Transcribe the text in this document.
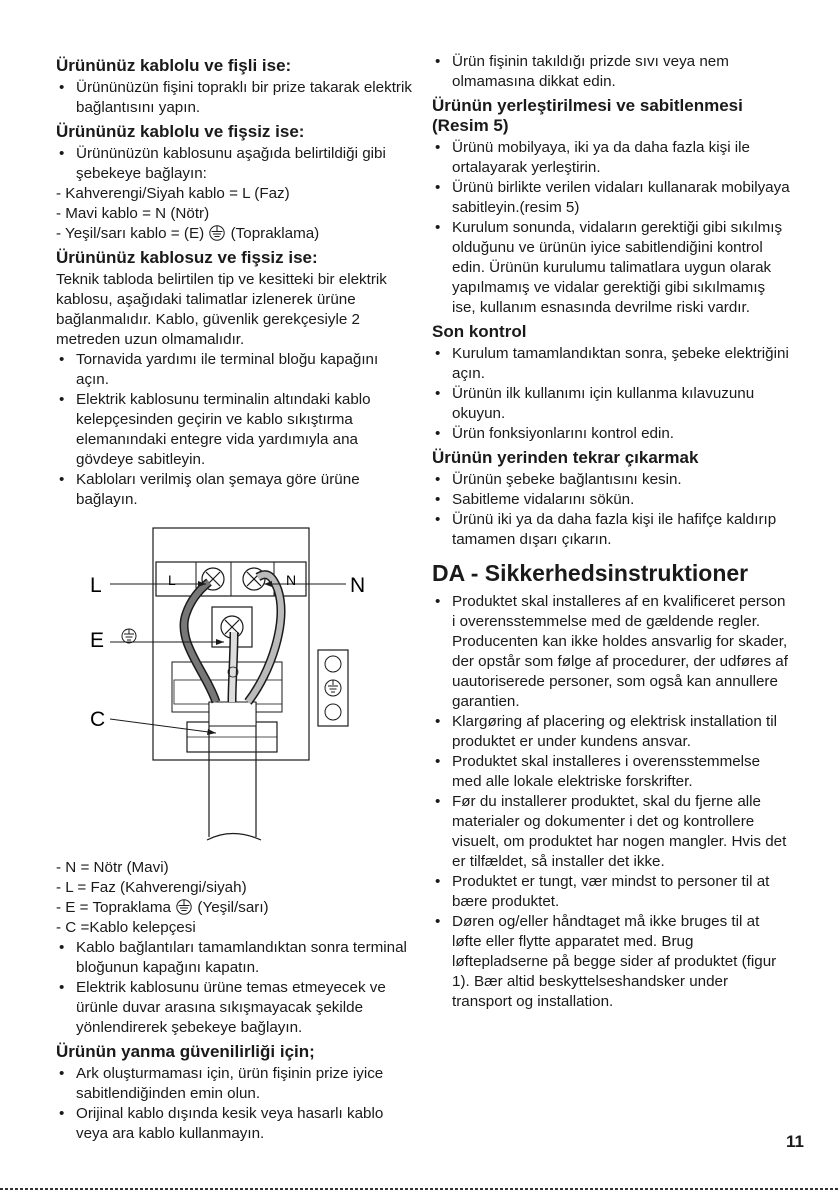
Ürününüz kablolu ve fişli ise:
• Ürününüzün fişini topraklı bir prize takarak elektrik bağlantısını yapın.
Ürününüz kablolu ve fişsiz ise:
• Ürününüzün kablosunu aşağıda belirtildiği gibi şebekeye bağlayın:
- Kahverengi/Siyah kablo = L (Faz)
- Mavi kablo = N (Nötr)
- Yeşil/sarı kablo = (E) (Topraklama)
Ürününüz kablosuz ve fişsiz ise:

Teknik tabloda belirtilen tip ve kesitteki bir elektrik kablosu, aşağıdaki talimatlar izlenerek ürüne bağlanmalıdır. Kablo, güvenlik gerekçesiyle 2 metreden uzun olmamalıdır.

• Tornavida yardımı ile terminal bloğu kapağını açın.
• Elektrik kablosunu terminalin altındaki kablo kelepçesinden geçirin ve kablo sıkıştırma elemanındaki entegre vida yardımıyla ana gövdeye sabitleyin.
• Kabloları verilmiş olan şemaya göre ürüne bağlayın.
L	N
E
C
L	N
- N = Nötr (Mavi)
- L = Faz (Kahverengi/siyah)
- E = Topraklama (Yeşil/sarı)
- C =Kablo kelepçesi
• Kablo bağlantıları tamamlandıktan sonra terminal bloğunun kapağını kapatın.
• Elektrik kablosunu ürüne temas etmeyecek ve ürünle duvar arasına sıkışmayacak şekilde yönlendirerek şebekeye bağlayın.
Ürünün yanma güvenilirliği için;
• Ark oluşturmaması için, ürün fişinin prize iyice sabitlendiğinden emin olun.
• Orijinal kablo dışında kesik veya hasarlı kablo veya ara kablo kullanmayın.
• Ürün fişinin takıldığı prizde sıvı veya nem olmamasına dikkat edin.
Ürünün yerleştirilmesi ve sabitlenmesi (Resim 5)
• Ürünü mobilyaya, iki ya da daha fazla kişi ile ortalayarak yerleştirin.
• Ürünü birlikte verilen vidaları kullanarak mobilyaya sabitleyin.(resim 5)
• Kurulum sonunda, vidaların gerektiği gibi sıkılmış olduğunu ve ürünün iyice sabitlendiğini kontrol edin. Ürünün kurulumu talimatlara uygun olarak yapılmamış ve vidalar gerektiği gibi sıkılmamış ise, kullanım esnasında devrilme riski vardır.
Son kontrol
• Kurulum tamamlandıktan sonra, şebeke elektriğini açın.
• Ürünün ilk kullanımı için kullanma kılavuzunu okuyun.
• Ürün fonksiyonlarını kontrol edin.
Ürünün yerinden tekrar çıkarmak
• Ürünün şebeke bağlantısını kesin.
• Sabitleme vidalarını sökün.
• Ürünü iki ya da daha fazla kişi ile hafifçe kaldırıp tamamen dışarı çıkarın.
DA - Sikkerhedsinstruktioner
• Produktet skal installeres af en kvalificeret person i overensstemmelse med de gældende regler. Producenten kan ikke holdes ansvarlig for skader, der opstår som følge af procedurer, der udføres af uautoriserede personer, som også kan annullere garantien.
• Klargøring af placering og elektrisk installation til produktet er under kundens ansvar.
• Produktet skal installeres i overensstemmelse med alle lokale elektriske forskrifter.
• Før du installerer produktet, skal du fjerne alle materialer og dokumenter i det og kontrollere visuelt, om produktet har nogen mangler. Hvis det er tilfældet, så installer det ikke.
• Produktet er tungt, vær mindst to personer til at bære produktet.
• Døren og/eller håndtaget må ikke bruges til at løfte eller flytte apparatet med. Brug løftepladserne på begge sider af produktet (figur 1). Bær altid beskyttelseshandsker under transport og installation.
11
